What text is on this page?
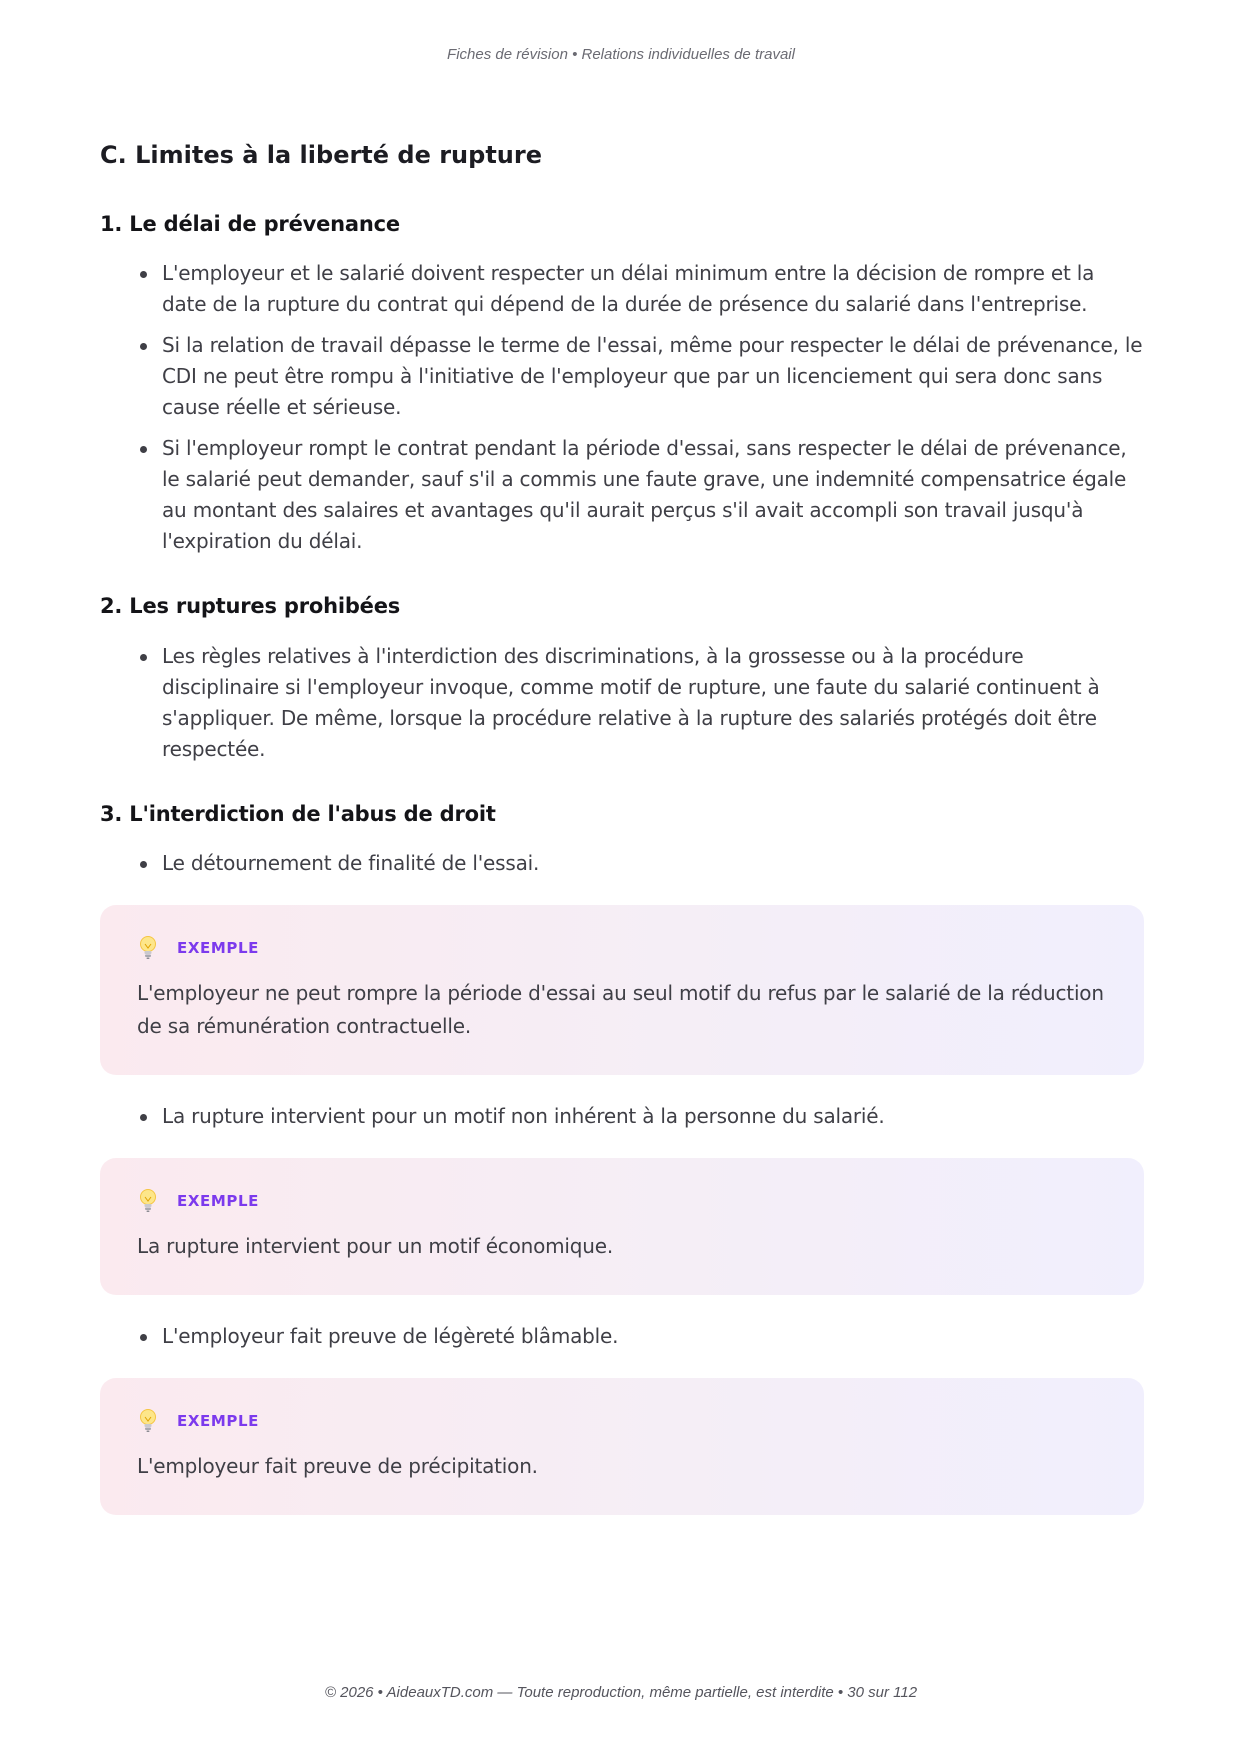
Fiches de révision • Relations individuelles de travail
C. Limites à la liberté de rupture
1. Le délai de prévenance
L'employeur et le salarié doivent respecter un délai minimum entre la décision de rompre et la date de la rupture du contrat qui dépend de la durée de présence du salarié dans l'entreprise.
Si la relation de travail dépasse le terme de l'essai, même pour respecter le délai de prévenance, le CDI ne peut être rompu à l'initiative de l'employeur que par un licenciement qui sera donc sans cause réelle et sérieuse.
Si l'employeur rompt le contrat pendant la période d'essai, sans respecter le délai de prévenance, le salarié peut demander, sauf s'il a commis une faute grave, une indemnité compensatrice égale au montant des salaires et avantages qu'il aurait perçus s'il avait accompli son travail jusqu'à l'expiration du délai.
2. Les ruptures prohibées
Les règles relatives à l'interdiction des discriminations, à la grossesse ou à la procédure disciplinaire si l'employeur invoque, comme motif de rupture, une faute du salarié continuent à s'appliquer. De même, lorsque la procédure relative à la rupture des salariés protégés doit être respectée.
3. L'interdiction de l'abus de droit
Le détournement de finalité de l'essai.
EXEMPLE

L'employeur ne peut rompre la période d'essai au seul motif du refus par le salarié de la réduction de sa rémunération contractuelle.

La rupture intervient pour un motif non inhérent à la personne du salarié.
EXEMPLE

La rupture intervient pour un motif économique.

L'employeur fait preuve de légèreté blâmable.
EXEMPLE

L'employeur fait preuve de précipitation.

© 2026 • AideauxTD.com — Toute reproduction, même partielle, est interdite • 30 sur 112
